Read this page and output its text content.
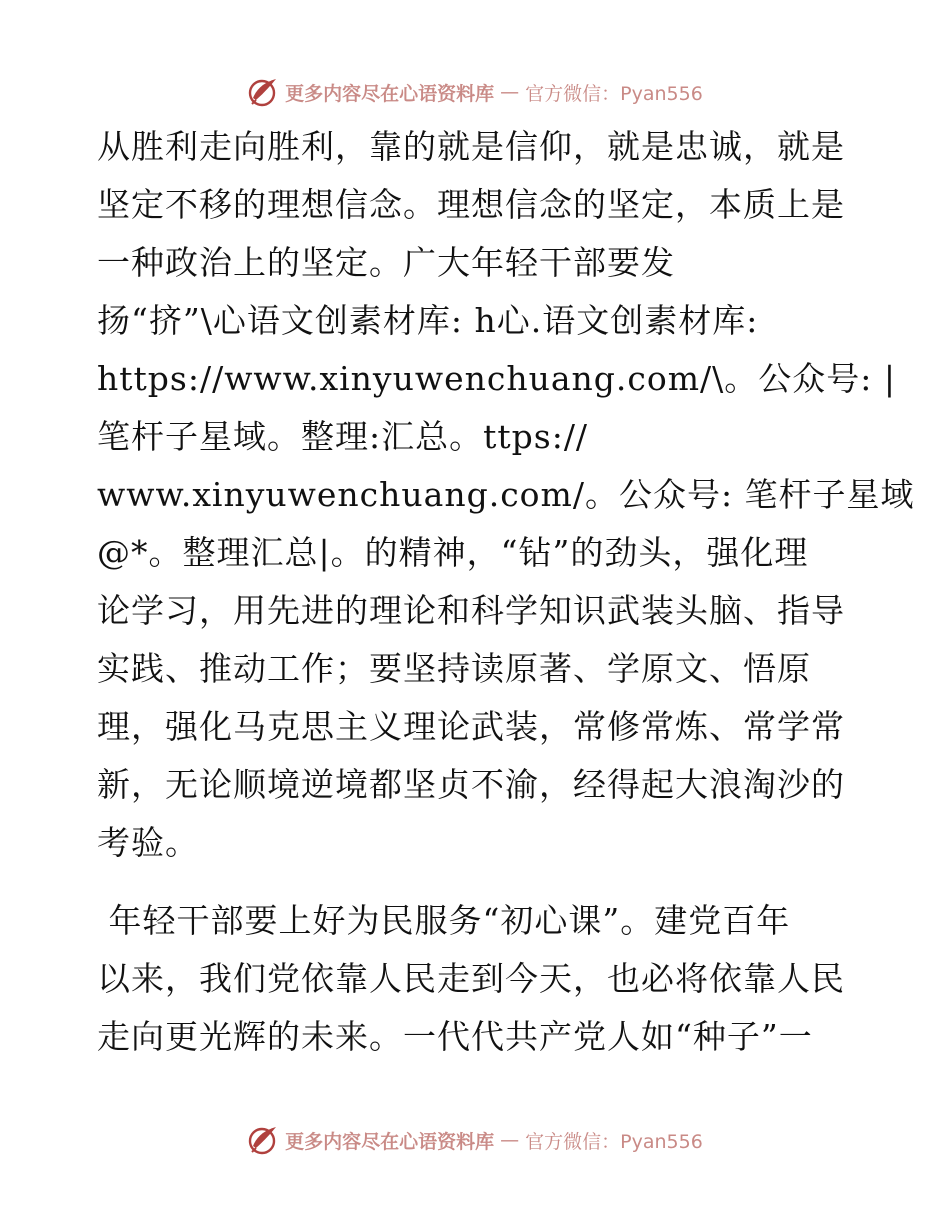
更多内容尽在心语资料库 — 官方微信：Pyan556
从胜利走向胜利，靠的就是信仰，就是忠诚，就是
坚定不移的理想信念。理想信念的坚定，本质上是
一种政治上的坚定。广大年轻干部要发
扬“挤”\心语文创素材库: h心.语文创素材库:
https://www.xinyuwenchuang.com/\。公众号: |
笔杆子星域。整理:汇总。ttps://
www.xinyuwenchuang.com/。公众号: 笔杆子星域
@*。整理汇总|。的精神，“钻”的劲头，强化理
论学习，用先进的理论和科学知识武装头脑、指导
实践、推动工作；要坚持读原著、学原文、悟原
理，强化马克思主义理论武装，常修常炼、常学常
新，无论顺境逆境都坚贞不渝，经得起大浪淘沙的
考验。
年轻干部要上好为民服务“初心课”。建党百年
以来，我们党依靠人民走到今天，也必将依靠人民
走向更光辉的未来。一代代共产党人如“种子”一
更多内容尽在心语资料库 — 官方微信：Pyan556
